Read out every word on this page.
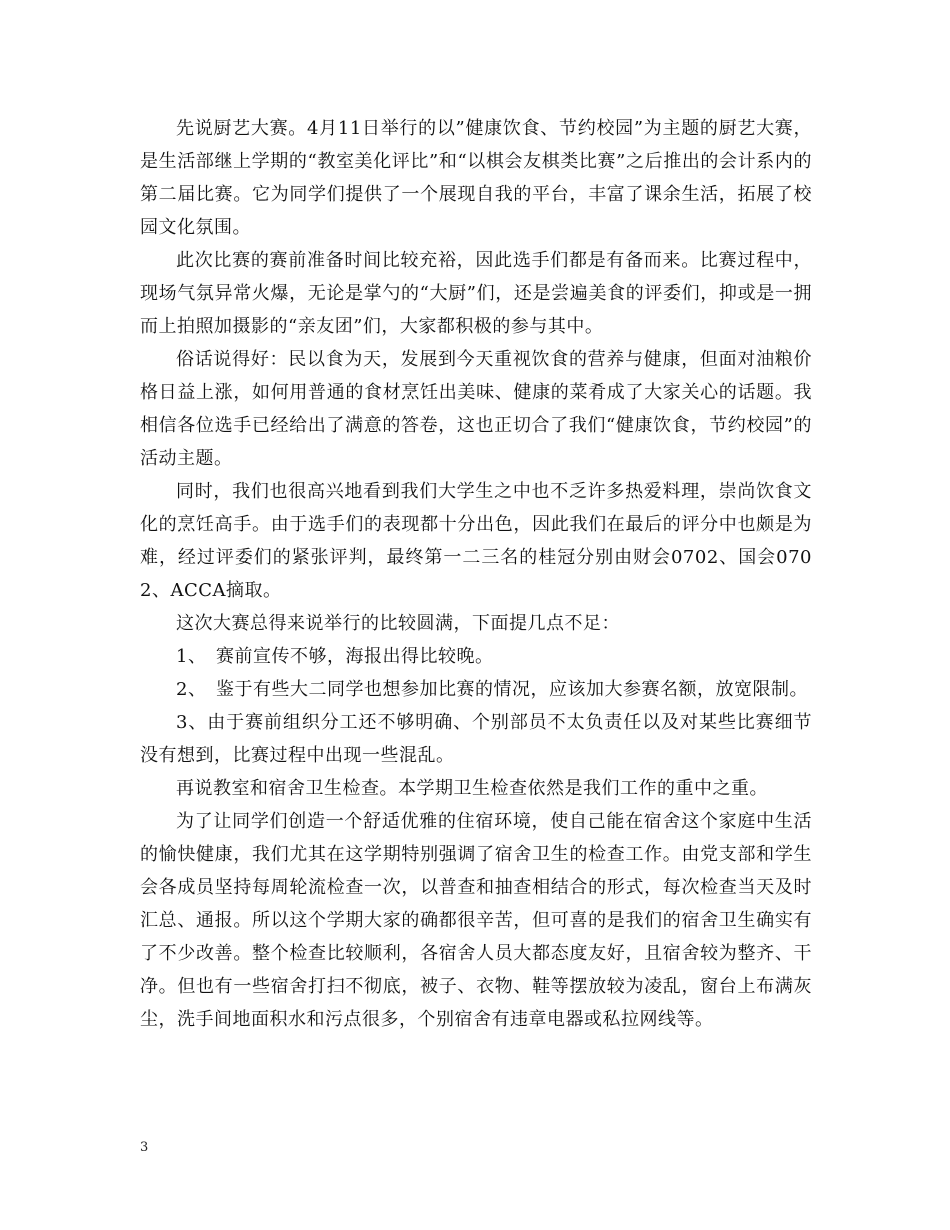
先说厨艺大赛。4月11日举行的以”健康饮食、节约校园”为主题的厨艺大赛，是生活部继上学期的“教室美化评比”和“以棋会友棋类比赛”之后推出的会计系内的第二届比赛。它为同学们提供了一个展现自我的平台，丰富了课余生活，拓展了校园文化氛围。

此次比赛的赛前准备时间比较充裕，因此选手们都是有备而来。比赛过程中，现场气氛异常火爆，无论是掌勺的“大厨”们，还是尝遍美食的评委们，抑或是一拥而上拍照加摄影的“亲友团”们，大家都积极的参与其中。

俗话说得好：民以食为天，发展到今天重视饮食的营养与健康，但面对油粮价格日益上涨，如何用普通的食材烹饪出美味、健康的菜肴成了大家关心的话题。我相信各位选手已经给出了满意的答卷，这也正切合了我们“健康饮食，节约校园”的活动主题。

同时，我们也很高兴地看到我们大学生之中也不乏许多热爱料理，崇尚饮食文化的烹饪高手。由于选手们的表现都十分出色，因此我们在最后的评分中也颇是为难，经过评委们的紧张评判，最终第一二三名的桂冠分别由财会0702、国会0702、ACCA摘取。

这次大赛总得来说举行的比较圆满，下面提几点不足：

1、　赛前宣传不够，海报出得比较晚。

2、　鉴于有些大二同学也想参加比赛的情况，应该加大参赛名额，放宽限制。

3、由于赛前组织分工还不够明确、个别部员不太负责任以及对某些比赛细节没有想到，比赛过程中出现一些混乱。

再说教室和宿舍卫生检查。本学期卫生检查依然是我们工作的重中之重。

为了让同学们创造一个舒适优雅的住宿环境，使自己能在宿舍这个家庭中生活的愉快健康，我们尤其在这学期特别强调了宿舍卫生的检查工作。由党支部和学生会各成员坚持每周轮流检查一次，以普查和抽查相结合的形式，每次检查当天及时汇总、通报。所以这个学期大家的确都很辛苦，但可喜的是我们的宿舍卫生确实有了不少改善。整个检查比较顺利，各宿舍人员大都态度友好，且宿舍较为整齐、干净。但也有一些宿舍打扫不彻底，被子、衣物、鞋等摆放较为凌乱，窗台上布满灰尘，洗手间地面积水和污点很多，个别宿舍有违章电器或私拉网线等。

3
